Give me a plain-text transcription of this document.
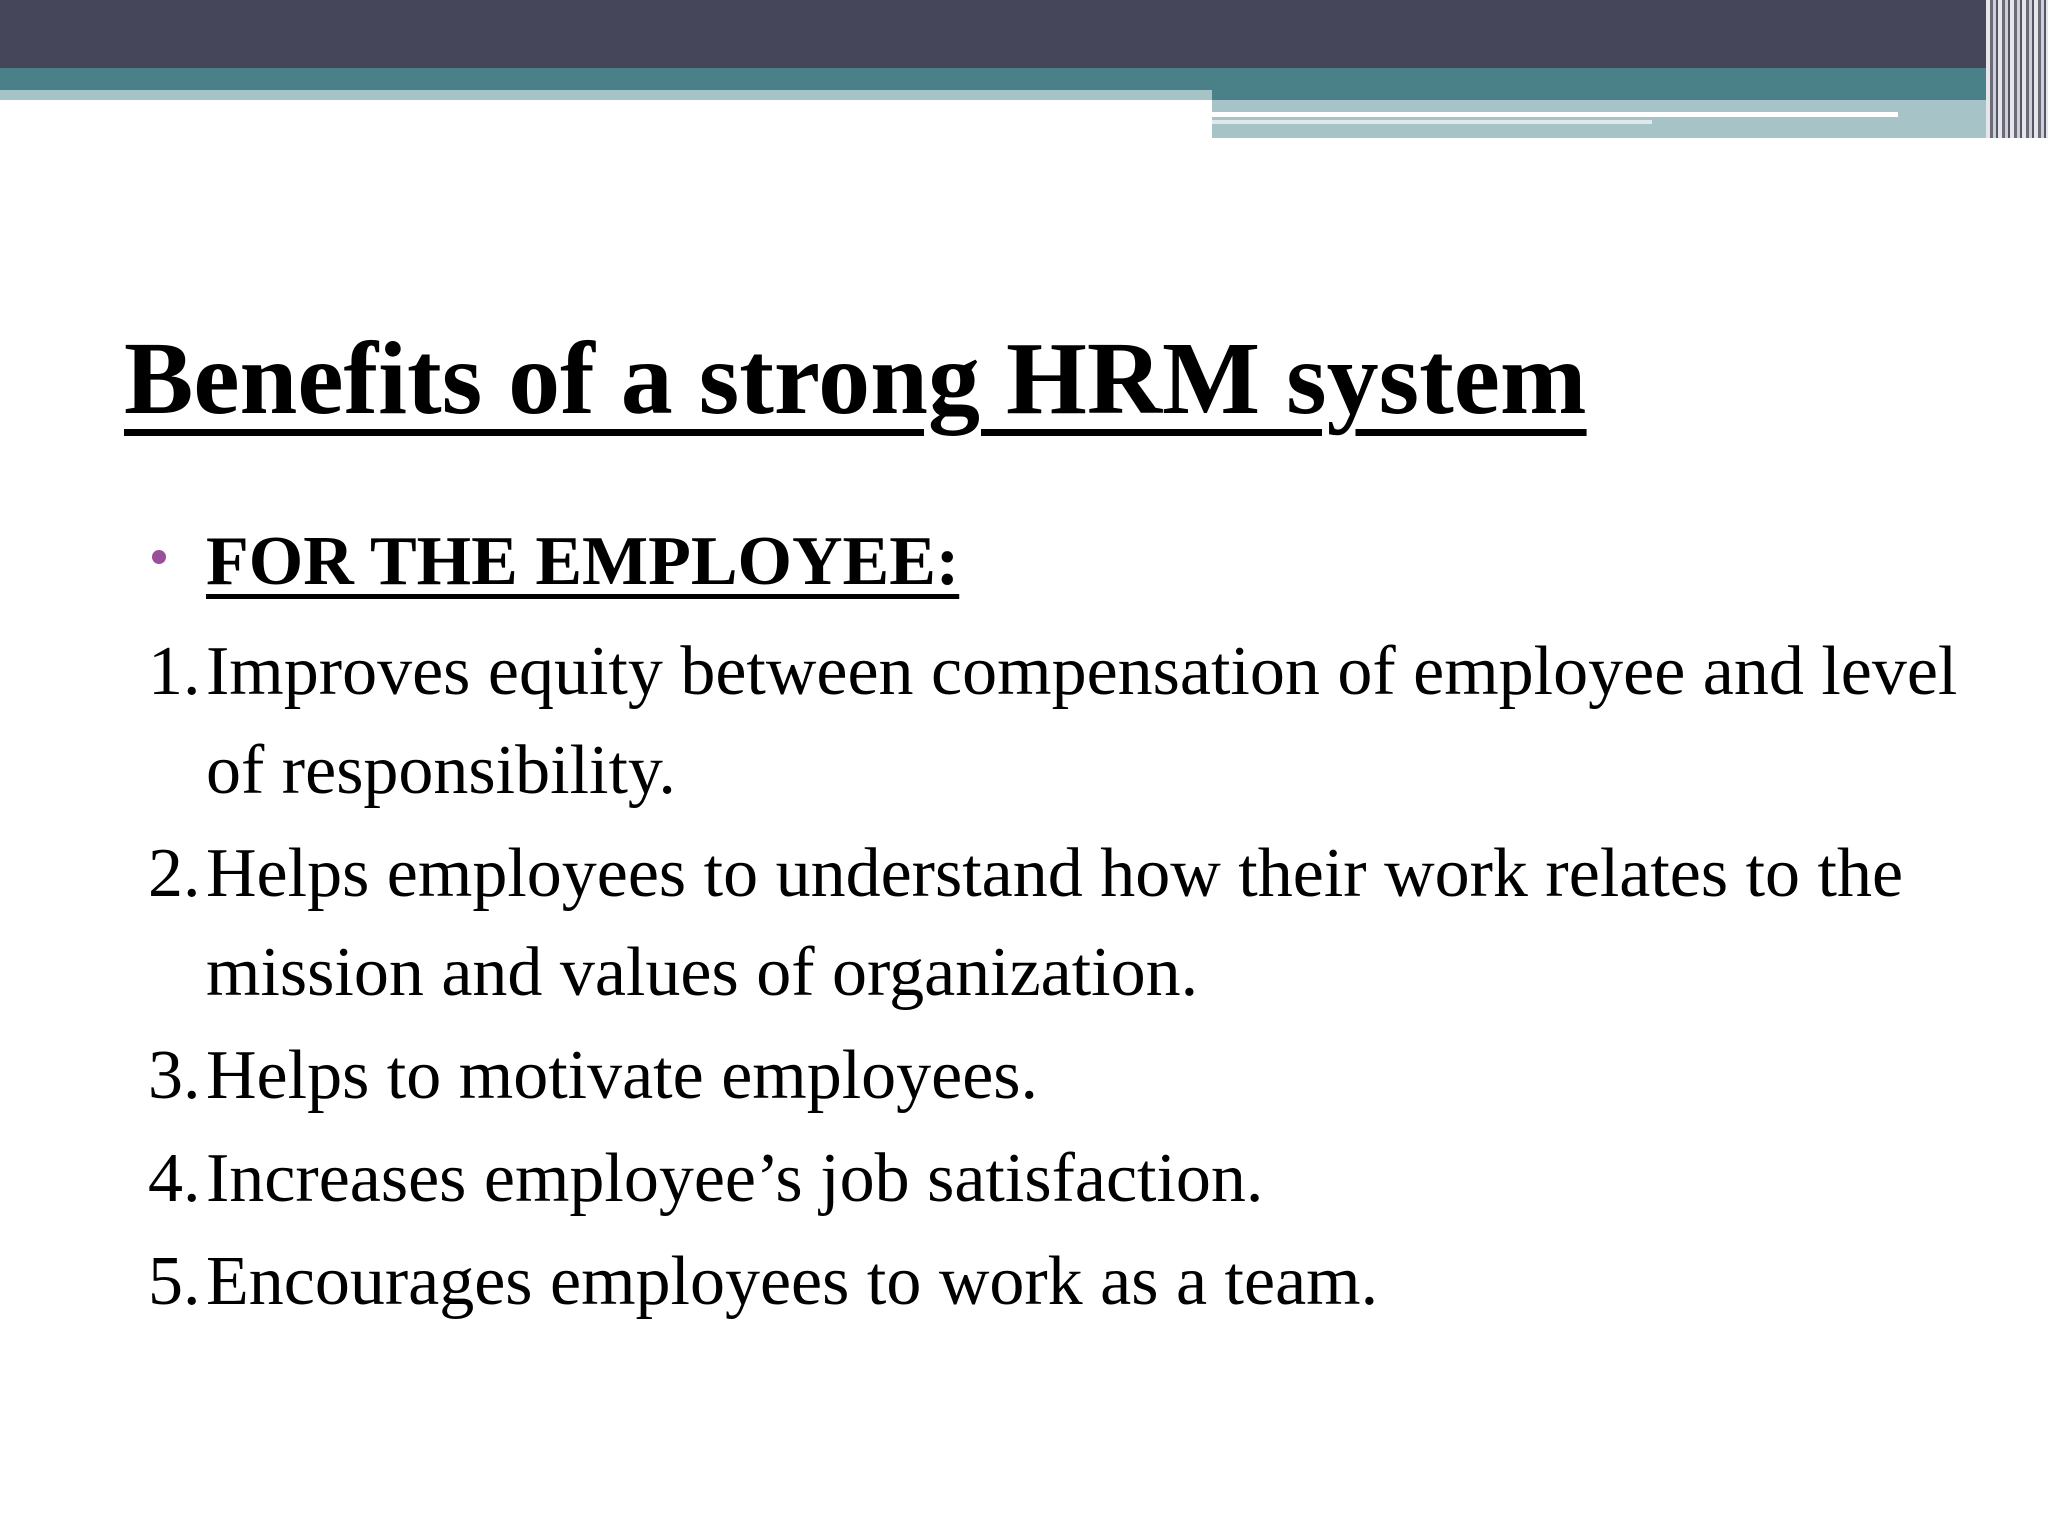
Benefits of a strong HRM system
FOR THE EMPLOYEE:
1. Improves equity between compensation of employee and level of responsibility.
2. Helps employees to understand how their work relates to the mission and values of organization.
3. Helps to motivate employees.
4. Increases employee’s job satisfaction.
5. Encourages employees to work as a team.
